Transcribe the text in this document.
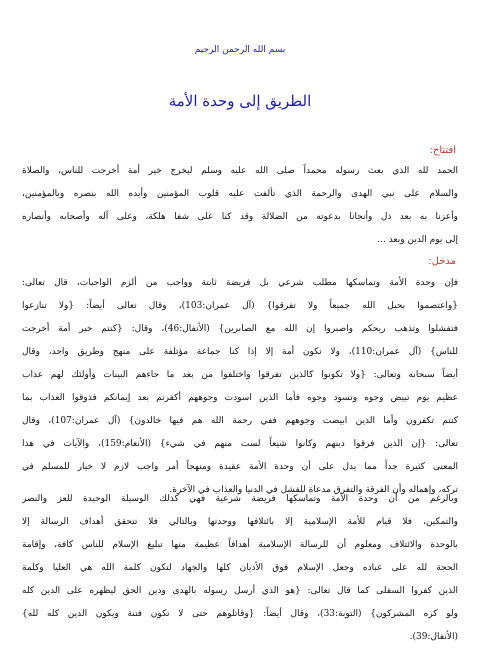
بسم الله الرحمن الرحيم
الطريق إلى وحدة الأمة
افتتاح:
الحمد لله الذي بعث رسوله محمداً صلى الله عليه وسلم ليخرج خير أمة أخرجت للناس، والصلاة
والسلام على نبي الهدى والرحمة الذي تألفت عليه قلوب المؤمنين وأيده الله بنصره وبالمؤمنين،
وأعزنا به بعد ذل وأنجانا بدعوته من الضلالة وقد كنا على شفا هلكة، وعلى آله وأصحابه وأنصاره
إلى يوم الدين وبعد ...
مدخل:
فإن وحدة الأمة وتماسكها مطلب شرعي بل فريضة ثابتة وواجب من ألزم الواجبات، قال تعالى:
{واعتصموا بحبل الله جميعاً ولا تفرقوا} (آل عمران:103)، وقال تعالى أيضاً: {ولا تنازعوا
فتفشلوا وتذهب ريحكم واصبروا إن الله مع الصابرين} (الأنفال:46)، وقال: {كنتم خير أمة أخرجت
للناس} (آل عمران:110)، ولا تكون أمة إلا إذا كنا جماعة مؤتلفة على منهج وطريق واحد، وقال
أيضاً سبحانه وتعالى: {ولا تكونوا كالذين تفرقوا واختلفوا من بعد ما جاءهم البينات وأولئك لهم عذاب
عظيم يوم تبيض وجوه وتسود وجوه فأما الذين اسودت وجوههم أكفرتم بعد إيمانكم فذوقوا العذاب بما
كنتم تكفرون وأما الذين ابيضت وجوههم ففي رحمة الله هم فيها خالدون} (آل عمران:107)، وقال
تعالى: {إن الذين فرقوا دينهم وكانوا شيعاً لست منهم في شيء} (الأنعام:159)، والآيات في هذا
المعنى كثيرة جداً مما يدل على أن وحدة الأمة عقيدة ومنهجاً أمر واجب لازم لا خيار للمسلم في
تركه، وإهماله وأن الفرقة والتفرق مدعاة للفشل في الدنيا والعذاب في الآخرة.
وبالرغم من أن وحدة الأمة وتماسكها فريضة شرعية فهي كذلك الوسيلة الوحيدة للعز والنصر
والتمكين، فلا قيام للأمة الإسلامية إلا بائتلافها ووحدتها وبالتالي فلا تتحقق أهداف الرسالة إلا
بالوحدة والائتلاف ومعلوم أن للرسالة الإسلامية أهدافاً عظيمة منها تبليغ الإسلام للناس كافة، وإقامة
الحجة لله على عباده وجعل الإسلام فوق الأديان كلها والجهاد لتكون كلمة الله هي العليا وكلمة
الذين كفروا السفلى كما قال تعالى: {هو الذي أرسل رسوله بالهدى ودين الحق ليظهره على الدين كله
ولو كره المشركون} (التوبة:33)، وقال أيضاً: {وقاتلوهم حتى لا تكون فتنة ويكون الدين كله لله}
(الأنفال:39).
